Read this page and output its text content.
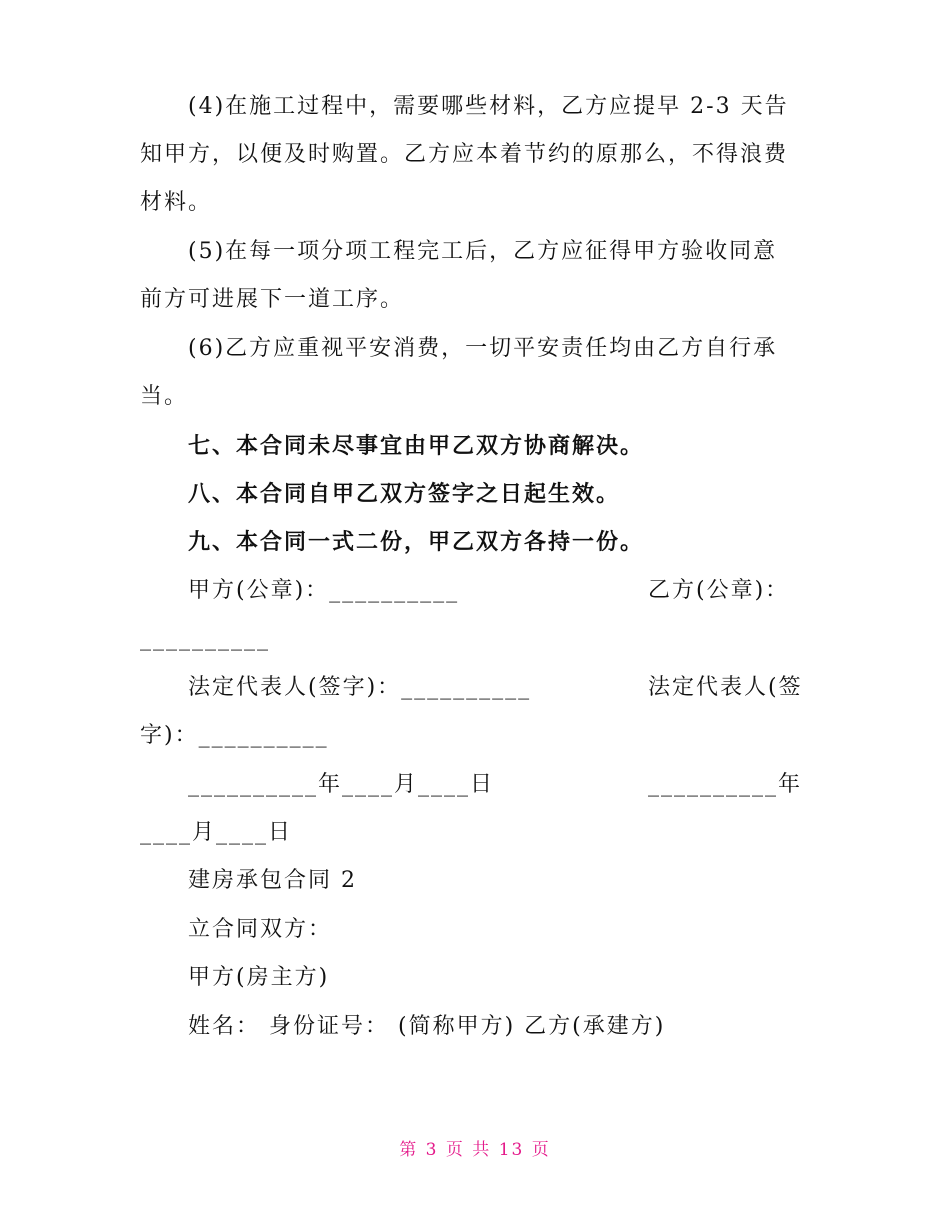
(4)在施工过程中，需要哪些材料，乙方应提早 2-3 天告
知甲方，以便及时购置。乙方应本着节约的原那么，不得浪费
材料。
(5)在每一项分项工程完工后，乙方应征得甲方验收同意
前方可进展下一道工序。
(6)乙方应重视平安消费，一切平安责任均由乙方自行承
当。
七、本合同未尽事宜由甲乙双方协商解决。
八、本合同自甲乙双方签字之日起生效。
九、本合同一式二份，甲乙双方各持一份。
甲方(公章)：__________	乙方(公章)：
__________
法定代表人(签字)：__________	法定代表人(签
字)：__________
__________年____月____日	__________年
____月____日
建房承包合同 2
立合同双方：
甲方(房主方)
姓名： 身份证号： (简称甲方) 乙方(承建方)
第 3 页 共 13 页
